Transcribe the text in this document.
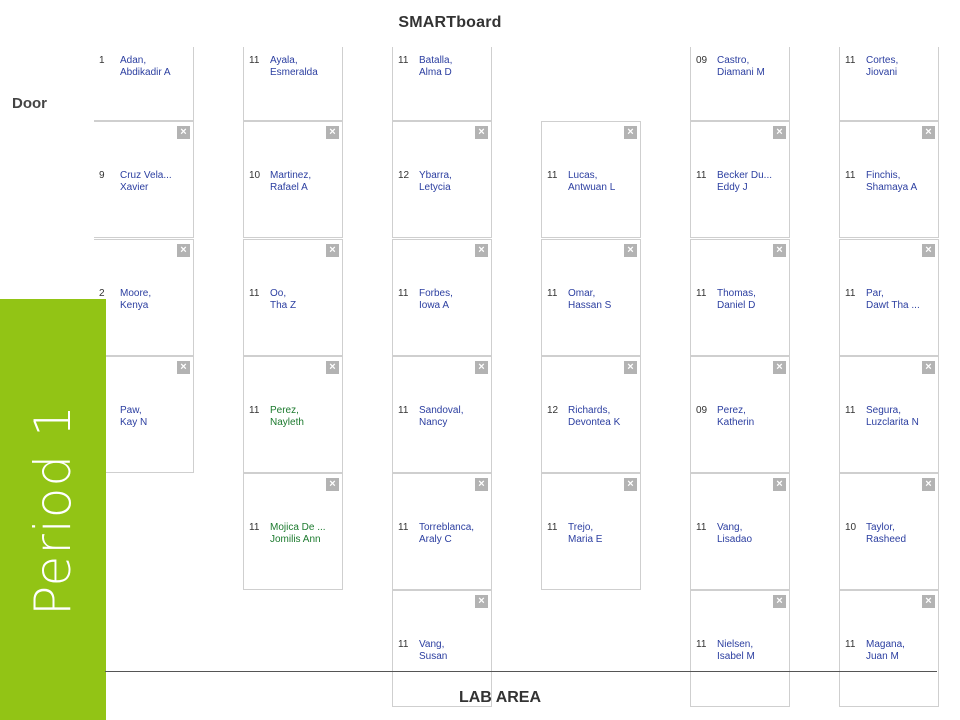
SMARTboard
Door
1 Adan,
Abdikadir A
11 Ayala,
Esmeralda
11 Batalla,
Alma D
09 Castro,
Diamani M
11 Cortes,
Jiovani
×
9 Cruz Vela...
Xavier
×
10 Martinez,
Rafael A
×
12 Ybarra,
Letycia
×
11 Lucas,
Antwuan L
×
11 Becker Du...
Eddy J
×
11 Finchis,
Shamaya A
×
2 Moore,
Kenya
×
11 Oo,
Tha Z
×
11 Forbes,
Iowa A
×
11 Omar,
Hassan S
×
11 Thomas,
Daniel D
×
11 Par,
Dawt Tha ...
×
Paw,
Kay N
×
11 Perez,
Nayleth
×
11 Sandoval,
Nancy
×
12 Richards,
Devontea K
×
09 Perez,
Katherin
×
11 Segura,
Luzclarita N
×
11 Mojica De ...
Jomilis Ann
×
11 Torreblanca,
Araly C
×
11 Trejo,
Maria E
×
11 Vang,
Lisadao
×
10 Taylor,
Rasheed
×
11 Vang,
Susan
×
11 Nielsen,
Isabel M
×
11 Magana,
Juan M
Period 1
LAB AREA
